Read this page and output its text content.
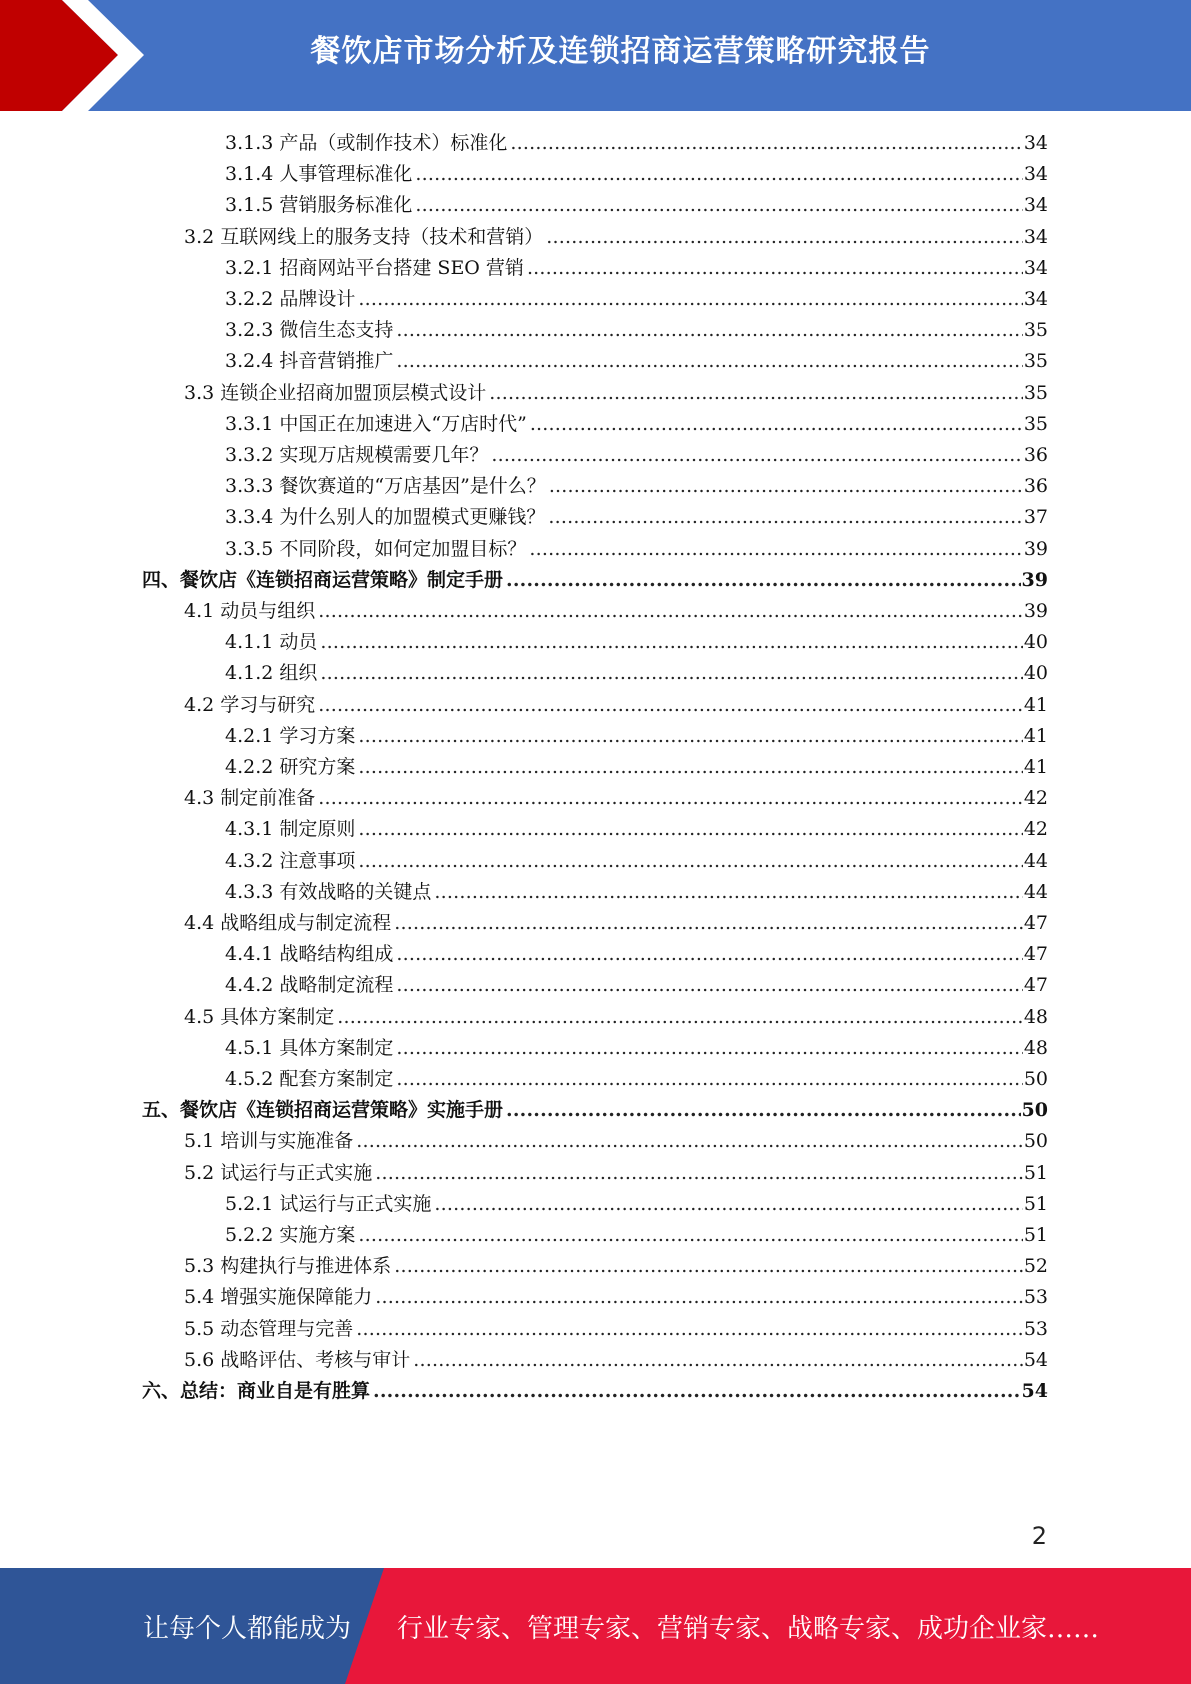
餐饮店市场分析及连锁招商运营策略研究报告
3.1.3 产品（或制作技术）标准化 .....	34
3.1.4 人事管理标准化 .....	34
3.1.5 营销服务标准化 .....	34
3.2 互联网线上的服务支持（技术和营销） .....	34
3.2.1 招商网站平台搭建 SEO 营销 .....	34
3.2.2 品牌设计 .....	34
3.2.3 微信生态支持 .....	35
3.2.4 抖音营销推广 .....	35
3.3 连锁企业招商加盟顶层模式设计 .....	35
3.3.1 中国正在加速进入“万店时代” .....	35
3.3.2 实现万店规模需要几年？ .....	36
3.3.3 餐饮赛道的“万店基因”是什么？ .....	36
3.3.4 为什么别人的加盟模式更赚钱？ .....	37
3.3.5 不同阶段，如何定加盟目标？ .....	39
四、餐饮店《连锁招商运营策略》制定手册 .....	39
4.1 动员与组织 .....	39
4.1.1 动员 .....	40
4.1.2 组织 .....	40
4.2 学习与研究 .....	41
4.2.1 学习方案 .....	41
4.2.2 研究方案 .....	41
4.3 制定前准备 .....	42
4.3.1 制定原则 .....	42
4.3.2 注意事项 .....	44
4.3.3 有效战略的关键点 .....	44
4.4 战略组成与制定流程 .....	47
4.4.1 战略结构组成 .....	47
4.4.2 战略制定流程 .....	47
4.5 具体方案制定 .....	48
4.5.1 具体方案制定 .....	48
4.5.2 配套方案制定 .....	50
五、餐饮店《连锁招商运营策略》实施手册 .....	50
5.1 培训与实施准备 .....	50
5.2 试运行与正式实施 .....	51
5.2.1 试运行与正式实施 .....	51
5.2.2 实施方案 .....	51
5.3 构建执行与推进体系 .....	52
5.4 增强实施保障能力 .....	53
5.5 动态管理与完善 .....	53
5.6 战略评估、考核与审计 .....	54
六、总结：商业自是有胜算 .....	54
2
让每个人都能成为 行业专家、管理专家、营销专家、战略专家、成功企业家……
